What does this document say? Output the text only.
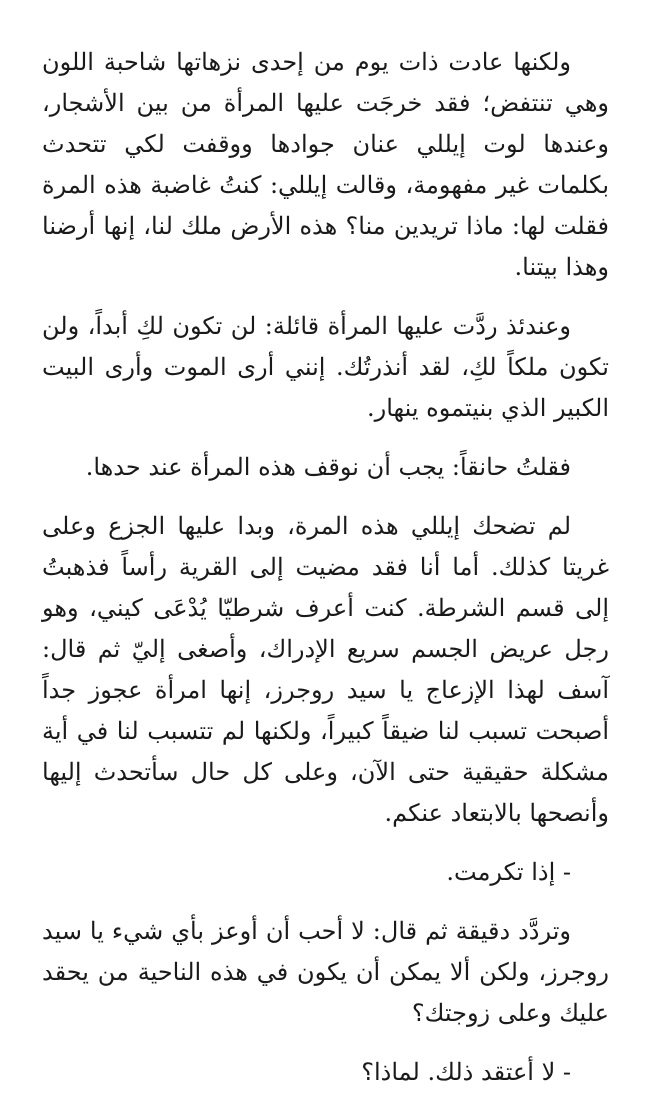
ولكنها عادت ذات يوم من إحدى نزهاتها شاحبة اللون وهي تنتفض؛ فقد خرجَت عليها المرأة من بين الأشجار، وعندها لوت إيللي عنان جوادها ووقفت لكي تتحدث بكلمات غير مفهومة، وقالت إيللي: كنتُ غاضبة هذه المرة فقلت لها: ماذا تريدين منا؟ هذه الأرض ملك لنا، إنها أرضنا وهذا بيتنا.

وعندئذ ردَّت عليها المرأة قائلة: لن تكون لكِ أبداً، ولن تكون ملكاً لكِ، لقد أنذرتُك. إنني أرى الموت وأرى البيت الكبير الذي بنيتموه ينهار.

فقلتُ حانقاً: يجب أن نوقف هذه المرأة عند حدها.

لم تضحك إيللي هذه المرة، وبدا عليها الجزع وعلى غريتا كذلك. أما أنا فقد مضيت إلى القرية رأساً فذهبتُ إلى قسم الشرطة. كنت أعرف شرطيّا يُدْعَى كيني، وهو رجل عريض الجسم سريع الإدراك، وأصغى إليّ ثم قال: آسف لهذا الإزعاج يا سيد روجرز، إنها امرأة عجوز جداً أصبحت تسبب لنا ضيقاً كبيراً، ولكنها لم تتسبب لنا في أية مشكلة حقيقية حتى الآن، وعلى كل حال سأتحدث إليها وأنصحها بالابتعاد عنكم.

- إذا تكرمت.

وتردَّد دقيقة ثم قال: لا أحب أن أوعز بأي شيء يا سيد روجرز، ولكن ألا يمكن أن يكون في هذه الناحية من يحقد عليك وعلى زوجتك؟

- لا أعتقد ذلك. لماذا؟
